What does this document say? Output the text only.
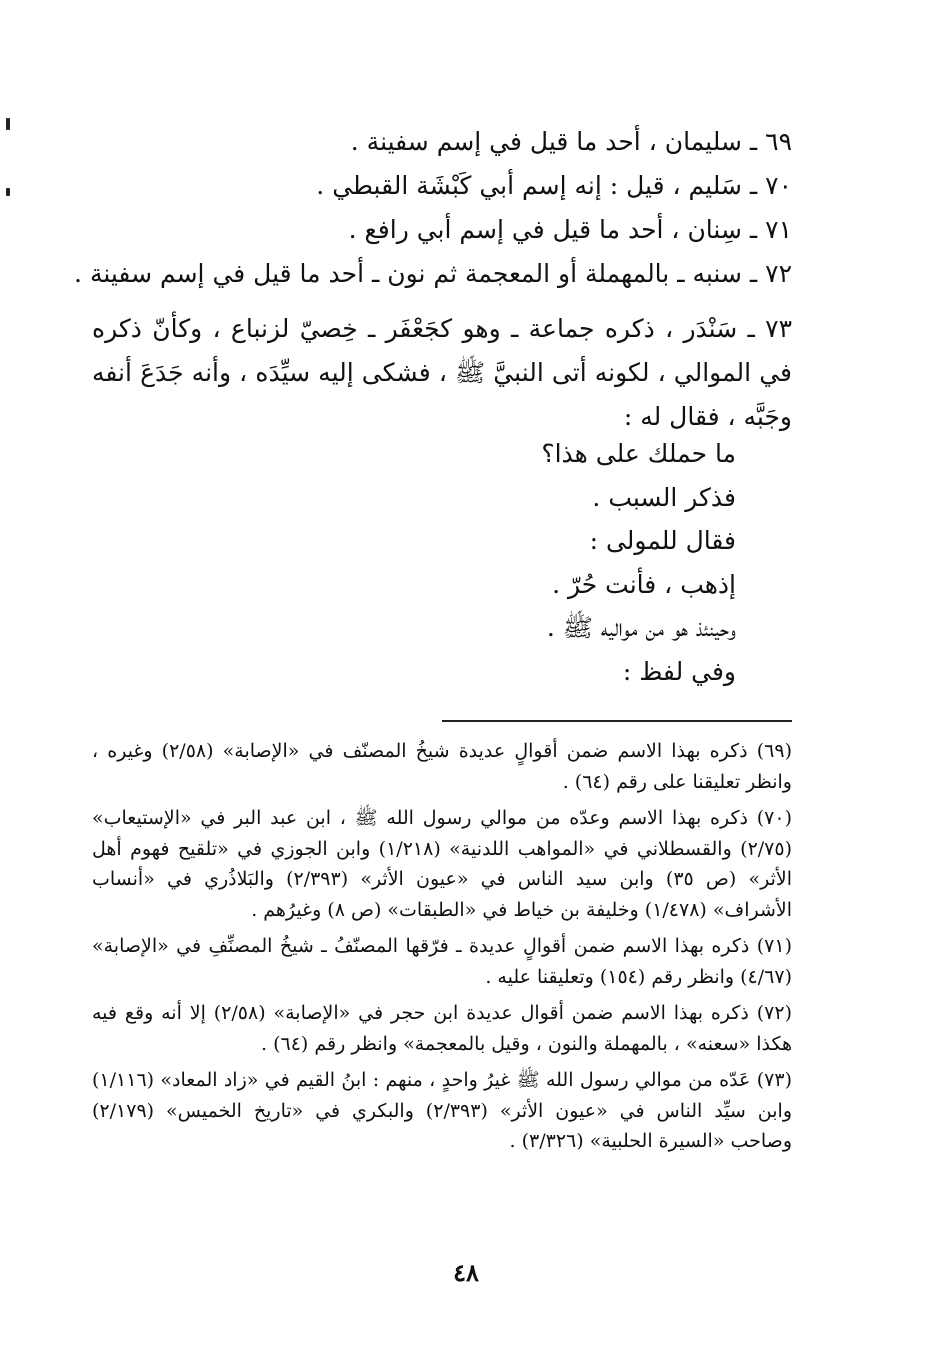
٦٩ ـ سليمان ، أحد ما قيل في إسم سفينة .
٧٠ ـ سَليم ، قيل : إنه إسم أبي كَبْشَة القبطي .
٧١ ـ سِنان ، أحد ما قيل في إسم أبي رافع .
٧٢ ـ سنبه ـ بالمهملة أو المعجمة ثم نون ـ أحد ما قيل في إسم سفينة .
٧٣ ـ سَنْدَر ، ذكره جماعة ـ وهو كجَعْفَر ـ خِصيّ لزنباع ، وكأنّ ذكره في الموالي ، لكونه أتى النبيَّ ﷺ ، فشكى إليه سيِّدَه ، وأنه جَدَعَ أنفه وجَبَّه ، فقال له :
ما حملك على هذا؟
فذكر السبب .
فقال للمولى :
إذهب ، فأنت حُرّ .
وحينئذ هو من مواليه ﷺ .
وفي لفظ :
(٦٩) ذكره بهذا الاسم ضمن أقوالٍ عديدة شيخُ المصنّف في «الإصابة» (٢/٥٨) وغيره ، وانظر تعليقنا على رقم (٦٤) .
(٧٠) ذكره بهذا الاسم وعدّه من موالي رسول الله ﷺ ، ابن عبد البر في «الإستيعاب» (٢/٧٥) والقسطلاني في «المواهب اللدنية» (١/٢١٨) وابن الجوزي في «تلقيح فهوم أهل الأثر» (ص ٣٥) وابن سيد الناس في «عيون الأثر» (٢/٣٩٣) والبَلاذُري في «أنساب الأشراف» (١/٤٧٨) وخليفة بن خياط في «الطبقات» (ص ٨) وغيرُهم .
(٧١) ذكره بهذا الاسم ضمن أقوالٍ عديدة ـ فرّقها المصنّفُ ـ شيخُ المصنِّفِ في «الإصابة» (٤/٦٧) وانظر رقم (١٥٤) وتعليقنا عليه .
(٧٢) ذكره بهذا الاسم ضمن أقوال عديدة ابن حجر في «الإصابة» (٢/٥٨) إلا أنه وقع فيه هكذا «سعنه» ، بالمهملة والنون ، وقيل بالمعجمة» وانظر رقم (٦٤) .
(٧٣) عَدّه من موالي رسول الله ﷺ غيرُ واحدٍ ، منهم : ابنُ القيم في «زاد المعاد» (١/١١٦) وابن سيِّد الناس في «عيون الأثر» (٢/٣٩٣) والبكري في «تاريخ الخميس» (٢/١٧٩) وصاحب «السيرة الحلبية» (٣/٣٢٦) .
٤٨
